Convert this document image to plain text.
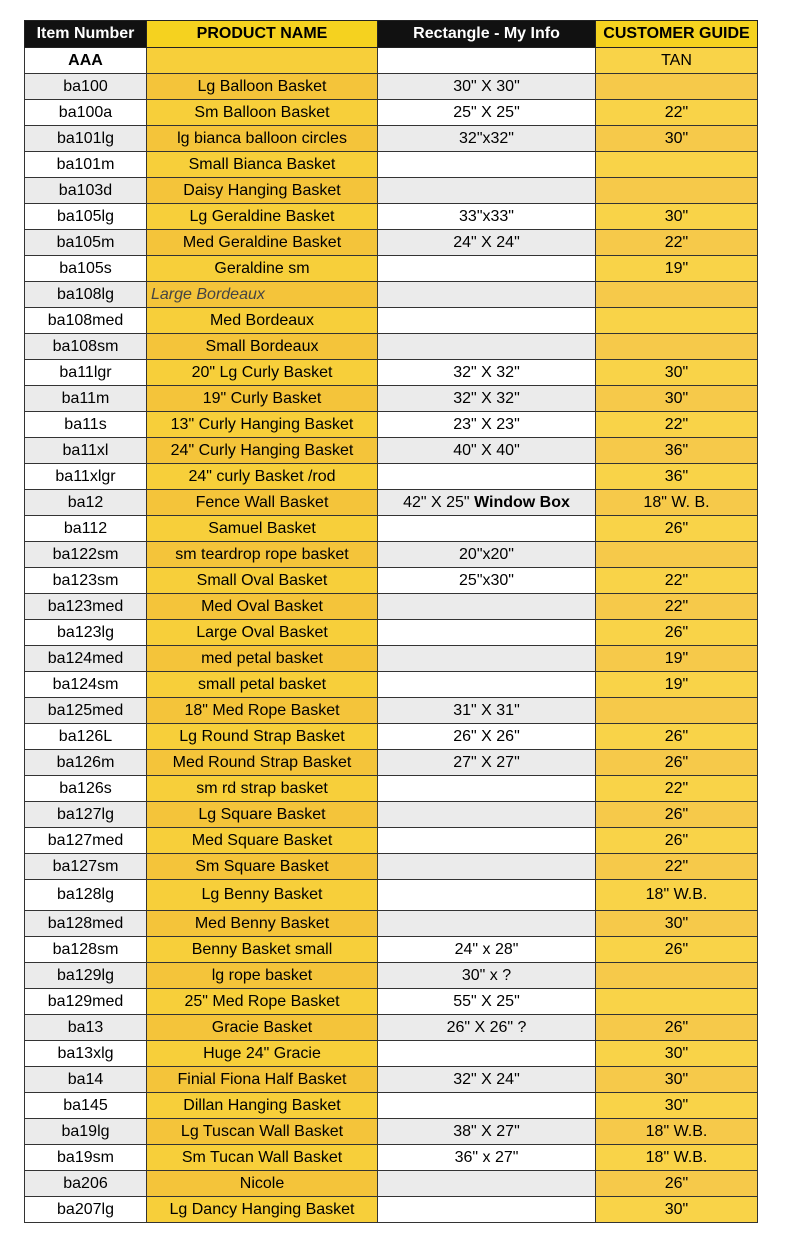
Item Number	PRODUCT NAME	Rectangle - My Info	CUSTOMER GUIDE
AAA			TAN
ba100	Lg Balloon Basket	30" X 30"	
ba100a	Sm Balloon Basket	25" X 25"	22"
ba101lg	lg bianca balloon circles	32"x32"	30"
ba101m	Small Bianca Basket		
ba103d	Daisy Hanging Basket		
ba105lg	Lg Geraldine Basket	33"x33"	30"
ba105m	Med Geraldine Basket	24" X 24"	22"
ba105s	Geraldine sm		19"
ba108lg	Large Bordeaux		
ba108med	Med Bordeaux		
ba108sm	Small Bordeaux		
ba11lgr	20" Lg Curly Basket	32" X 32"	30"
ba11m	19" Curly Basket	32" X 32"	30"
ba11s	13" Curly Hanging Basket	23" X 23"	22"
ba11xl	24" Curly Hanging Basket	40" X 40"	36"
ba11xlgr	24" curly Basket /rod		36"
ba12	Fence Wall Basket	42" X 25" Window Box	18" W. B.
ba112	Samuel Basket		26"
ba122sm	sm teardrop rope basket	20"x20"	
ba123sm	Small Oval Basket	25"x30"	22"
ba123med	Med Oval Basket		22"
ba123lg	Large Oval Basket		26"
ba124med	med petal basket		19"
ba124sm	small petal basket		19"
ba125med	18" Med Rope Basket	31" X 31"	
ba126L	Lg Round Strap Basket	26" X 26"	26"
ba126m	Med Round Strap Basket	27" X 27"	26"
ba126s	sm rd strap basket		22"
ba127lg	Lg Square Basket		26"
ba127med	Med Square Basket		26"
ba127sm	Sm Square Basket		22"
ba128lg	Lg Benny Basket		18" W.B.
ba128med	Med Benny Basket		30"
ba128sm	Benny Basket small	24" x 28"	26"
ba129lg	lg rope basket	30" x ?	
ba129med	25" Med Rope Basket	55" X 25"	
ba13	Gracie Basket	26" X 26" ?	26"
ba13xlg	Huge 24" Gracie		30"
ba14	Finial Fiona Half Basket	32" X 24"	30"
ba145	Dillan Hanging Basket		30"
ba19lg	Lg Tuscan Wall Basket	38" X 27"	18" W.B.
ba19sm	Sm Tucan Wall Basket	36" x 27"	18" W.B.
ba206	Nicole		26"
ba207lg	Lg Dancy Hanging Basket		30"
